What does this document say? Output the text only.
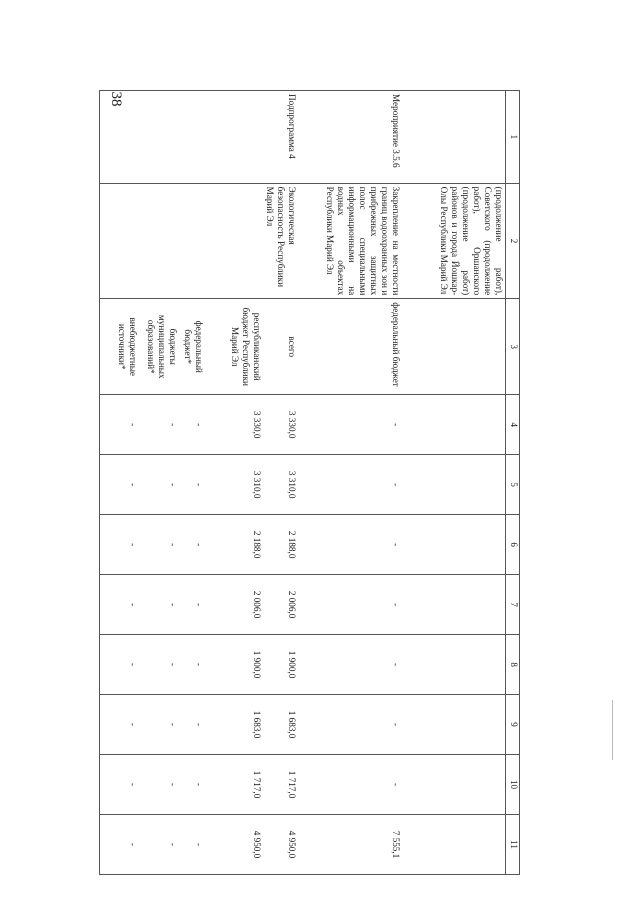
38
1	2	3	4	5	6	7	8	9	10	11
	(продолжение работ), Советского (продолжение работ), Оршанского (продолжение работ) районов и города Йошкар-Олы Республики Марий Эл									
Мероприятие 3.5.6	Закрепление на местности границ водоохранных зон и прибрежных защитных полос специальными информационными на водных объектах Республики Марий Эл	федеральный бюджет	-	-	-	-	-	-	-	7 555,1
Подпрограмма 4	Экологическая безопасность Республики Марий Эл	всего	3 330,0	3 310,0	2 188,0	2 006,0	1 900,0	1 683,0	1 717,0	4 950,0
		республиканский бюджет Республики Марий Эл	3 330,0	3 310,0	2 188,0	2 006,0	1 900,0	1 683,0	1 717,0	4 950,0
		федеральный бюджет*	-	-	-	-	-	-	-	-
		бюджеты муниципальных образований*	-	-	-	-	-	-	-	-
		внебюджетные источники*	-	-	-	-	-	-	-	-
